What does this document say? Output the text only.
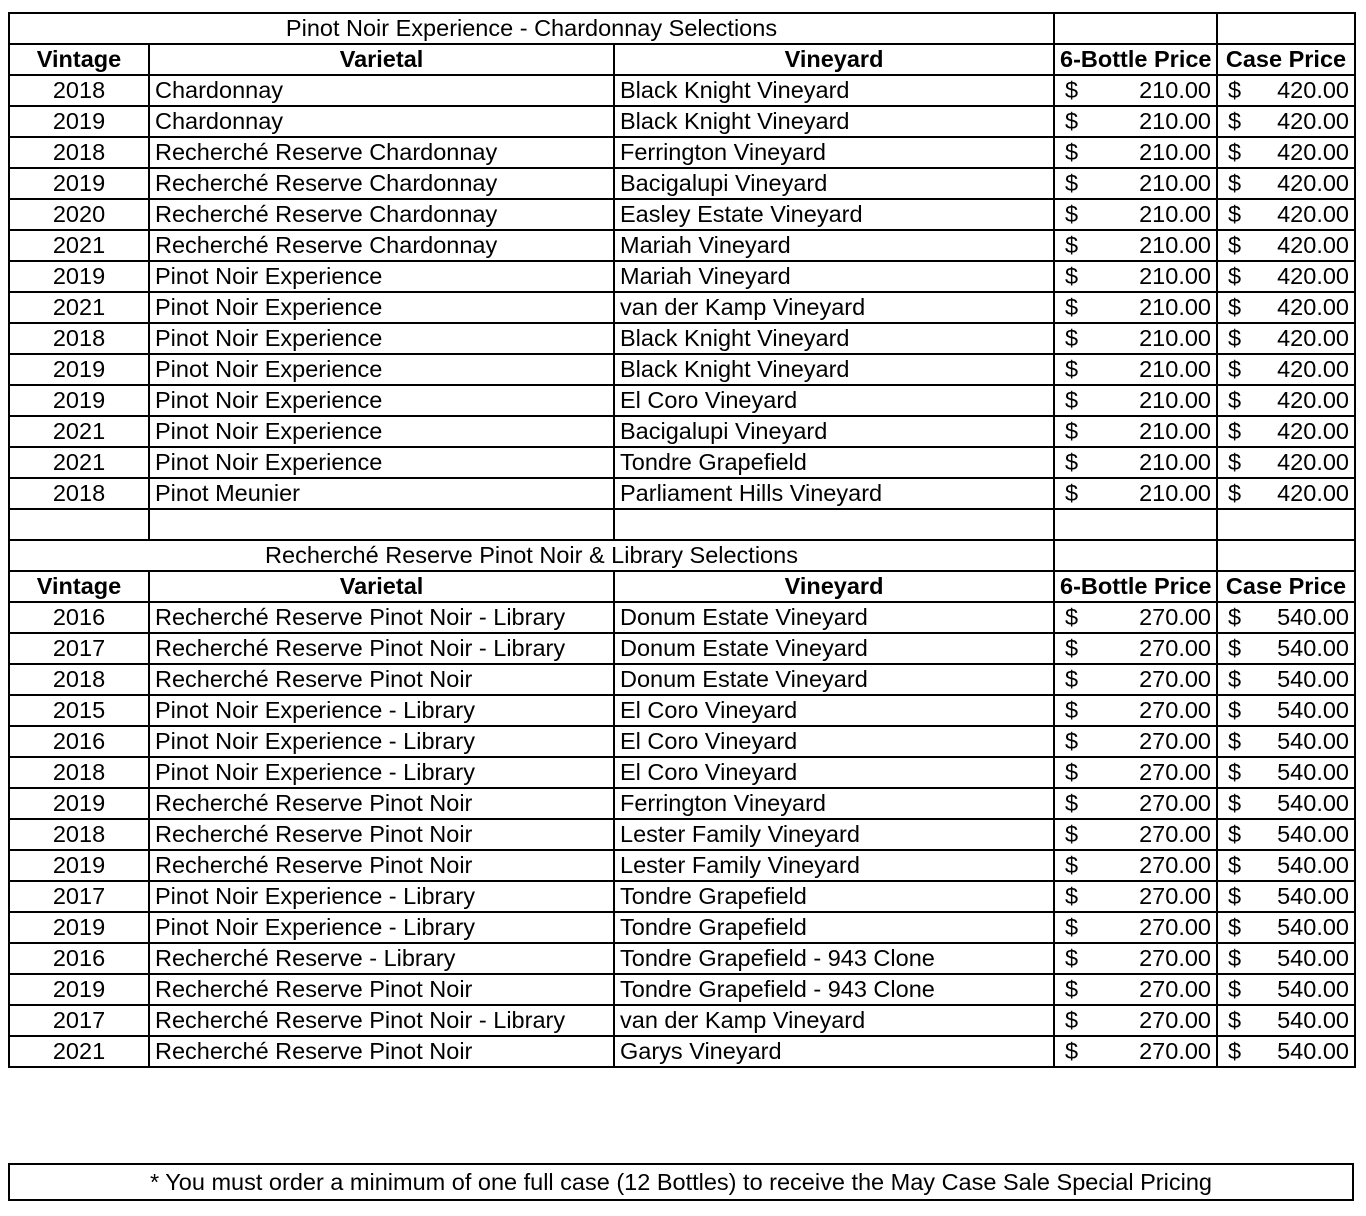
Pinot Noir Experience - Chardonnay Selections				
Vintage	Varietal	Vineyard	6-Bottle Price	Case Price
2018	Chardonnay	Black Knight Vineyard	$ 210.00	$ 420.00

2019	Chardonnay	Black Knight Vineyard	$ 210.00	$ 420.00

2018	Recherché Reserve Chardonnay	Ferrington Vineyard	$ 210.00	$ 420.00

2019	Recherché Reserve Chardonnay	Bacigalupi Vineyard	$ 210.00	$ 420.00

2020	Recherché Reserve Chardonnay	Easley Estate Vineyard	$ 210.00	$ 420.00

2021	Recherché Reserve Chardonnay	Mariah Vineyard	$ 210.00	$ 420.00

2019	Pinot Noir Experience	Mariah Vineyard	$ 210.00	$ 420.00

2021	Pinot Noir Experience	van der Kamp Vineyard	$ 210.00	$ 420.00

2018	Pinot Noir Experience	Black Knight Vineyard	$ 210.00	$ 420.00

2019	Pinot Noir Experience	Black Knight Vineyard	$ 210.00	$ 420.00

2019	Pinot Noir Experience	El Coro Vineyard	$ 210.00	$ 420.00

2021	Pinot Noir Experience	Bacigalupi Vineyard	$ 210.00	$ 420.00

2021	Pinot Noir Experience	Tondre Grapefield	$ 210.00	$ 420.00

2018	Pinot Meunier	Parliament Hills Vineyard	$ 210.00	$ 420.00

Recherché Reserve Pinot Noir & Library Selections				
Vintage	Varietal	Vineyard	6-Bottle Price	Case Price
2016	Recherché Reserve Pinot Noir - Library	Donum Estate Vineyard	$ 270.00	$ 540.00

2017	Recherché Reserve Pinot Noir - Library	Donum Estate Vineyard	$ 270.00	$ 540.00

2018	Recherché Reserve Pinot Noir	Donum Estate Vineyard	$ 270.00	$ 540.00

2015	Pinot Noir Experience - Library	El Coro Vineyard	$ 270.00	$ 540.00

2016	Pinot Noir Experience - Library	El Coro Vineyard	$ 270.00	$ 540.00

2018	Pinot Noir Experience - Library	El Coro Vineyard	$ 270.00	$ 540.00

2019	Recherché Reserve Pinot Noir	Ferrington Vineyard	$ 270.00	$ 540.00

2018	Recherché Reserve Pinot Noir	Lester Family Vineyard	$ 270.00	$ 540.00

2019	Recherché Reserve Pinot Noir	Lester Family Vineyard	$ 270.00	$ 540.00

2017	Pinot Noir Experience - Library	Tondre Grapefield	$ 270.00	$ 540.00

2019	Pinot Noir Experience - Library	Tondre Grapefield	$ 270.00	$ 540.00

2016	Recherché Reserve - Library	Tondre Grapefield - 943 Clone	$ 270.00	$ 540.00

2019	Recherché Reserve Pinot Noir	Tondre Grapefield - 943 Clone	$ 270.00	$ 540.00

2017	Recherché Reserve Pinot Noir - Library	van der Kamp Vineyard	$ 270.00	$ 540.00

2021	Recherché Reserve Pinot Noir	Garys Vineyard	$ 270.00	$ 540.00
* You must order a minimum of one full case (12 Bottles) to receive the May Case Sale Special Pricing
